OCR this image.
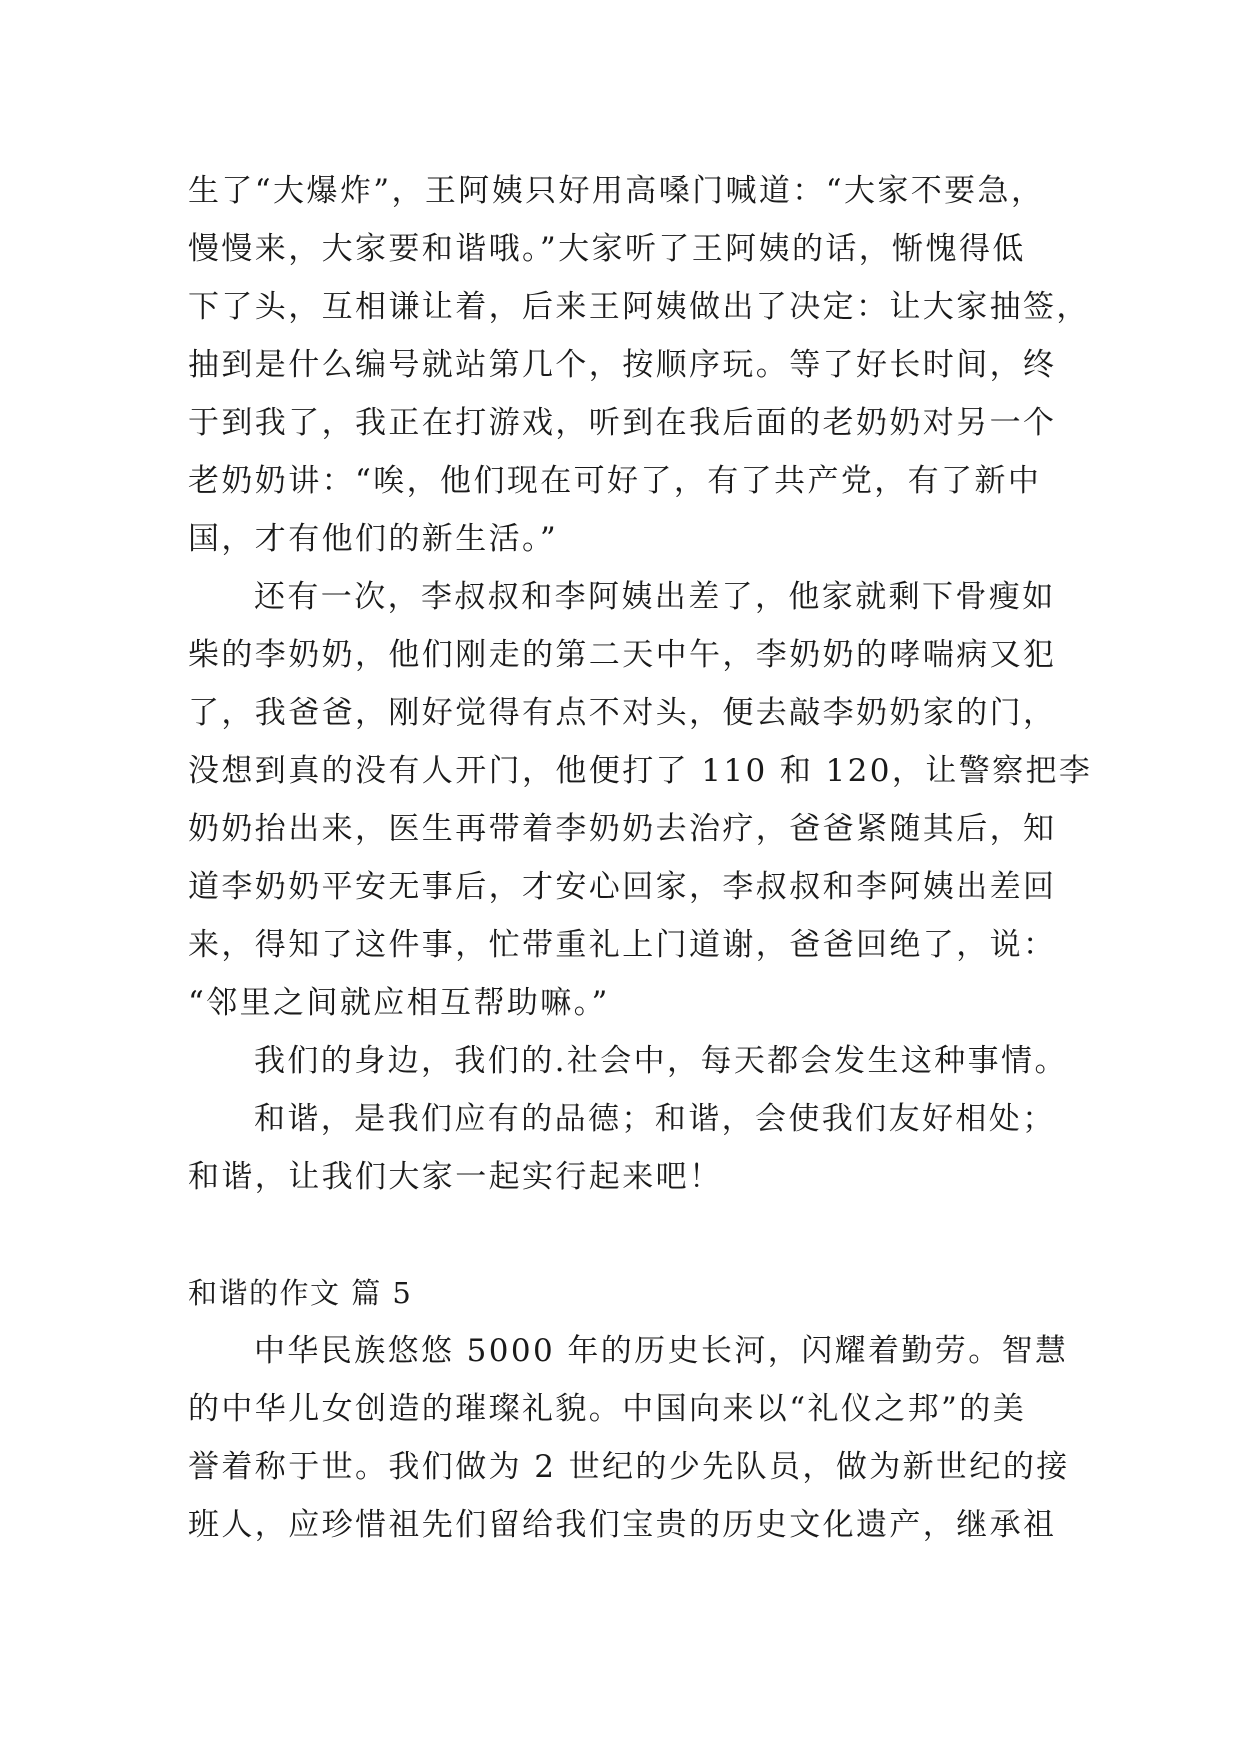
生了“大爆炸”，王阿姨只好用高嗓门喊道：“大家不要急，
慢慢来，大家要和谐哦。”大家听了王阿姨的话，惭愧得低
下了头，互相谦让着，后来王阿姨做出了决定：让大家抽签，
抽到是什么编号就站第几个，按顺序玩。等了好长时间，终
于到我了，我正在打游戏，听到在我后面的老奶奶对另一个
老奶奶讲：“唉，他们现在可好了，有了共产党，有了新中
国，才有他们的新生活。”
还有一次，李叔叔和李阿姨出差了，他家就剩下骨瘦如
柴的李奶奶，他们刚走的第二天中午，李奶奶的哮喘病又犯
了，我爸爸，刚好觉得有点不对头，便去敲李奶奶家的门，
没想到真的没有人开门，他便打了 110 和 120，让警察把李
奶奶抬出来，医生再带着李奶奶去治疗，爸爸紧随其后，知
道李奶奶平安无事后，才安心回家，李叔叔和李阿姨出差回
来，得知了这件事，忙带重礼上门道谢，爸爸回绝了，说：
“邻里之间就应相互帮助嘛。”
我们的身边，我们的.社会中，每天都会发生这种事情。
和谐，是我们应有的品德；和谐，会使我们友好相处；
和谐，让我们大家一起实行起来吧！
和谐的作文 篇 5
中华民族悠悠 5000 年的历史长河，闪耀着勤劳。智慧
的中华儿女创造的璀璨礼貌。中国向来以“礼仪之邦”的美
誉着称于世。我们做为 2 世纪的少先队员，做为新世纪的接
班人，应珍惜祖先们留给我们宝贵的历史文化遗产，继承祖
